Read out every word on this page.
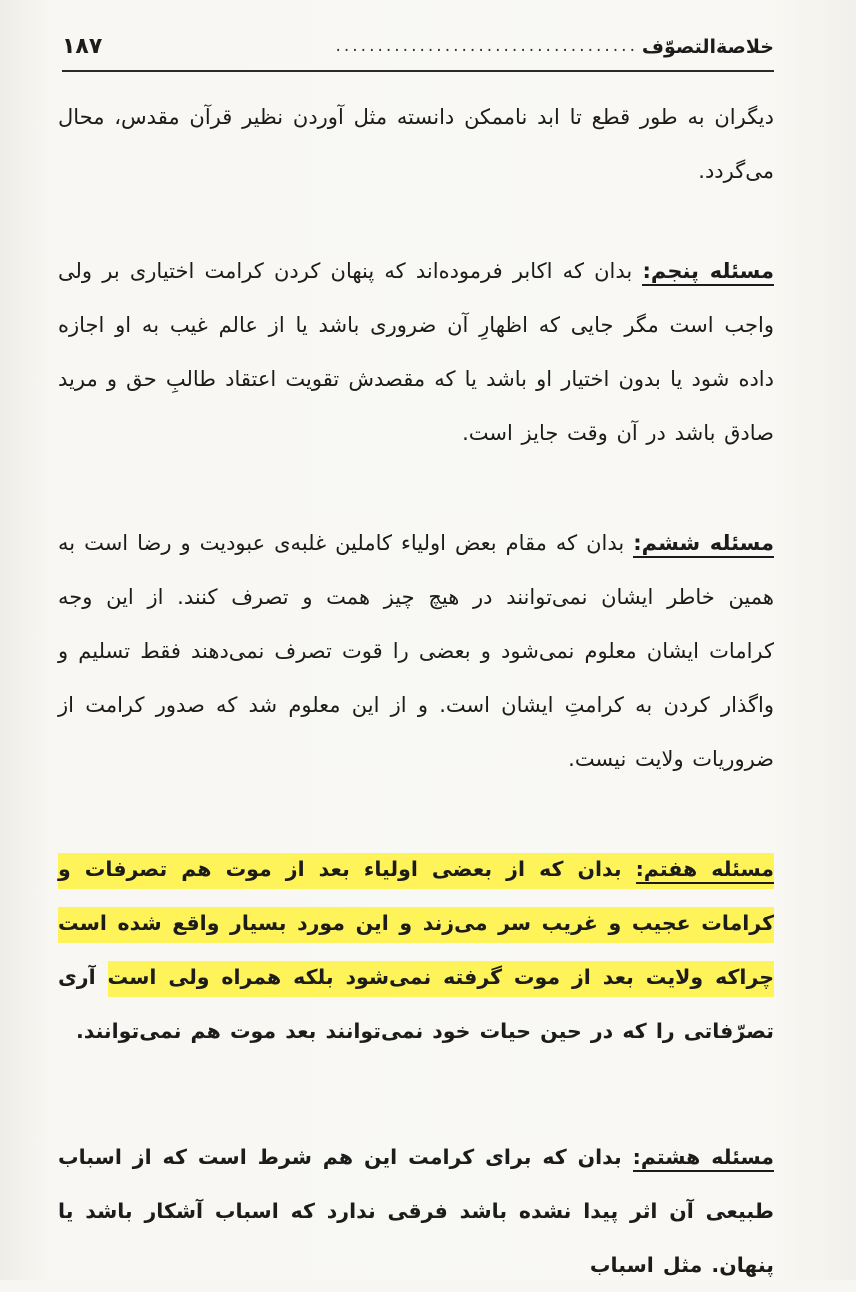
خلاصة‌التصوّف
....................................
۱۸۷

دیگران به طور قطع تا ابد ناممکن دانسته مثل آوردن نظیر قرآن مقدس، محال می‌گردد.

مسئله پنجم: بدان که اکابر فرموده‌اند که پنهان کردن کرامت اختیاری بر ولی واجب است مگر جایی که اظهارِ آن ضروری باشد یا از عالم غیب به او اجازه داده شود یا بدون اختیار او باشد یا که مقصدش تقویت اعتقاد طالبِ حق و مرید صادق باشد در آن وقت جایز است.

مسئله ششم: بدان که مقام بعض اولیاء کاملین غلبه‌ی عبودیت و رضا است به همین خاطر ایشان نمی‌توانند در هیچ چیز همت و تصرف کنند. از این وجه کرامات ایشان معلوم نمی‌شود و بعضی را قوت تصرف نمی‌دهند فقط تسلیم و واگذار کردن به کرامتِ ایشان است. و از این معلوم شد که صدور کرامت از ضروریات ولایت نیست.

مسئله هفتم: بدان که از بعضی اولیاء بعد از موت هم تصرفات و کرامات عجیب و غریب سر می‌زند و این مورد بسیار واقع شده است چراکه ولایت بعد از موت گرفته نمی‌شود بلکه همراه ولی است آری تصرّفاتی را که در حین حیات خود نمی‌توانند بعد موت هم نمی‌توانند.

مسئله هشتم: بدان که برای کرامت این هم شرط است که از اسباب طبیعی آن اثر پیدا نشده باشد فرقی ندارد که اسباب آشکار باشد یا پنهان. مثل اسباب
